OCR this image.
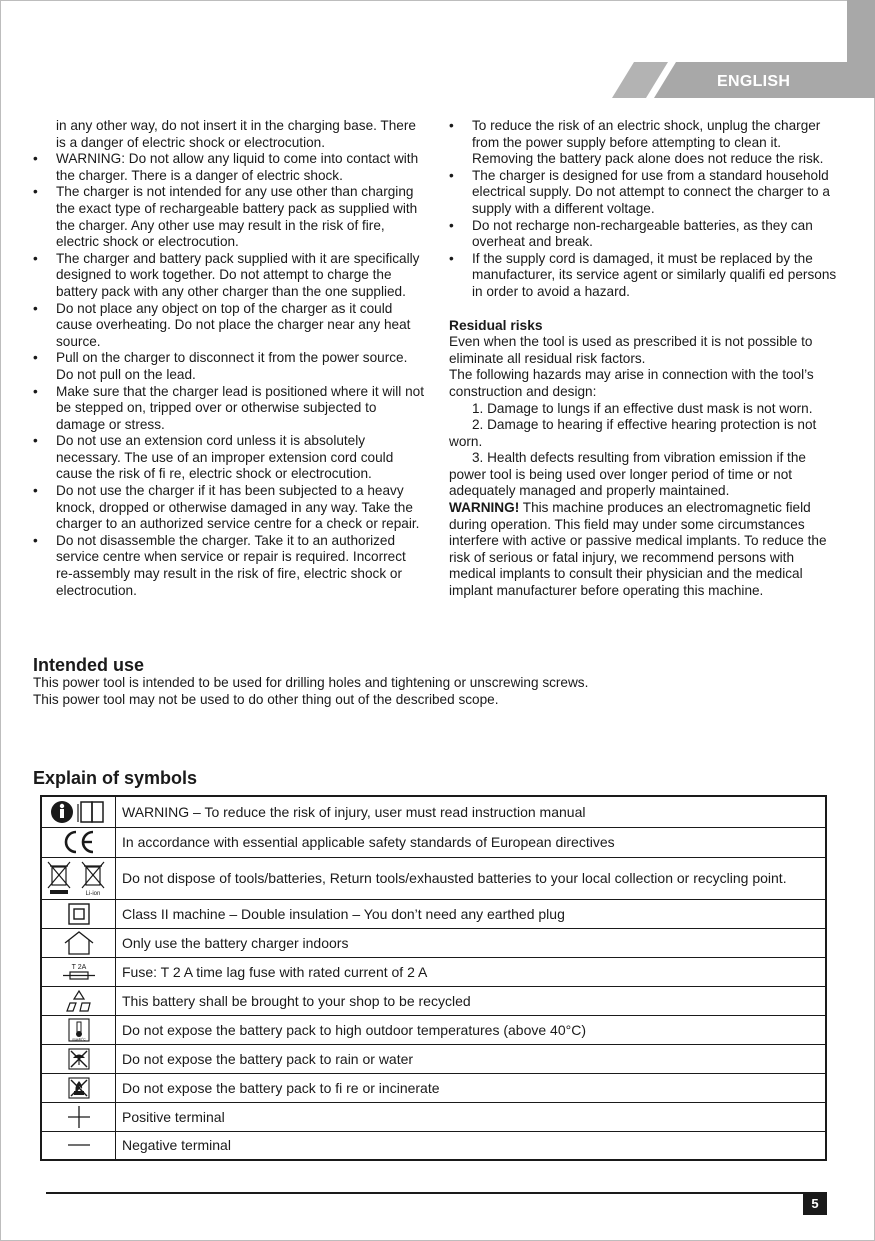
ENGLISH

in any other way, do not insert it in the charging base. There is a danger of electric shock or electrocution.

• WARNING: Do not allow any liquid to come into contact with the charger. There is a danger of electric shock.

• The charger is not intended for any use other than charging the exact type of rechargeable battery pack as supplied with the charger. Any other use may result in the risk of fire, electric shock or electrocution.

• The charger and battery pack supplied with it are specifically designed to work together. Do not attempt to charge the battery pack with any other charger than the one supplied.

• Do not place any object on top of the charger as it could cause overheating. Do not place the charger near any heat source.

• Pull on the charger to disconnect it from the power source. Do not pull on the lead.

• Make sure that the charger lead is positioned where it will not be stepped on, tripped over or otherwise subjected to damage or stress.

• Do not use an extension cord unless it is absolutely necessary. The use of an improper extension cord could cause the risk of fi re, electric shock or electrocution.

• Do not use the charger if it has been subjected to a heavy knock, dropped or otherwise damaged in any way. Take the charger to an authorized service centre for a check or repair.

• Do not disassemble the charger. Take it to an authorized service centre when service or repair is required. Incorrect re-assembly may result in the risk of fire, electric shock or electrocution.

• To reduce the risk of an electric shock, unplug the charger from the power supply before attempting to clean it. Removing the battery pack alone does not reduce the risk.

• The charger is designed for use from a standard household electrical supply. Do not attempt to connect the charger to a supply with a different voltage.

• Do not recharge non-rechargeable batteries, as they can overheat and break.

• If the supply cord is damaged, it must be replaced by the manufacturer, its service agent or similarly qualifi ed persons in order to avoid a hazard.

Residual risks

Even when the tool is used as prescribed it is not possible to eliminate all residual risk factors.

The following hazards may arise in connection with the tool’s construction and design:

1. Damage to lungs if an effective dust mask is not worn.

2. Damage to hearing if effective hearing protection is not worn.

3. Health defects resulting from vibration emission if the power tool is being used over longer period of time or not adequately managed and properly maintained.

WARNING! This machine produces an electromagnetic field during operation. This field may under some circumstances interfere with active or passive medical implants. To reduce the risk of serious or fatal injury, we recommend persons with medical implants to consult their physician and the medical implant manufacturer before operating this machine.

Intended use

This power tool is intended to be used for drilling holes and tightening or unscrewing screws.

This power tool may not be used to do other thing out of the described scope.

Explain of symbols
	WARNING – To reduce the risk of injury, user must read instruction manual

	In accordance with essential applicable safety standards of European directives

Li-ion	Do not dispose of tools/batteries, Return tools/exhausted batteries to your local collection or recycling point.

	Class II machine – Double insulation – You don’t need any earthed plug

	Only use the battery charger indoors

T 2A	Fuse: T 2 A time lag fuse with rated current of 2 A

	This battery shall be brought to your shop to be recycled

max40°C	Do not expose the battery pack to high outdoor temperatures (above 40°C)

	Do not expose the battery pack to rain or water

	Do not expose the battery pack to fi re or incinerate

	Positive terminal

	Negative terminal
5
